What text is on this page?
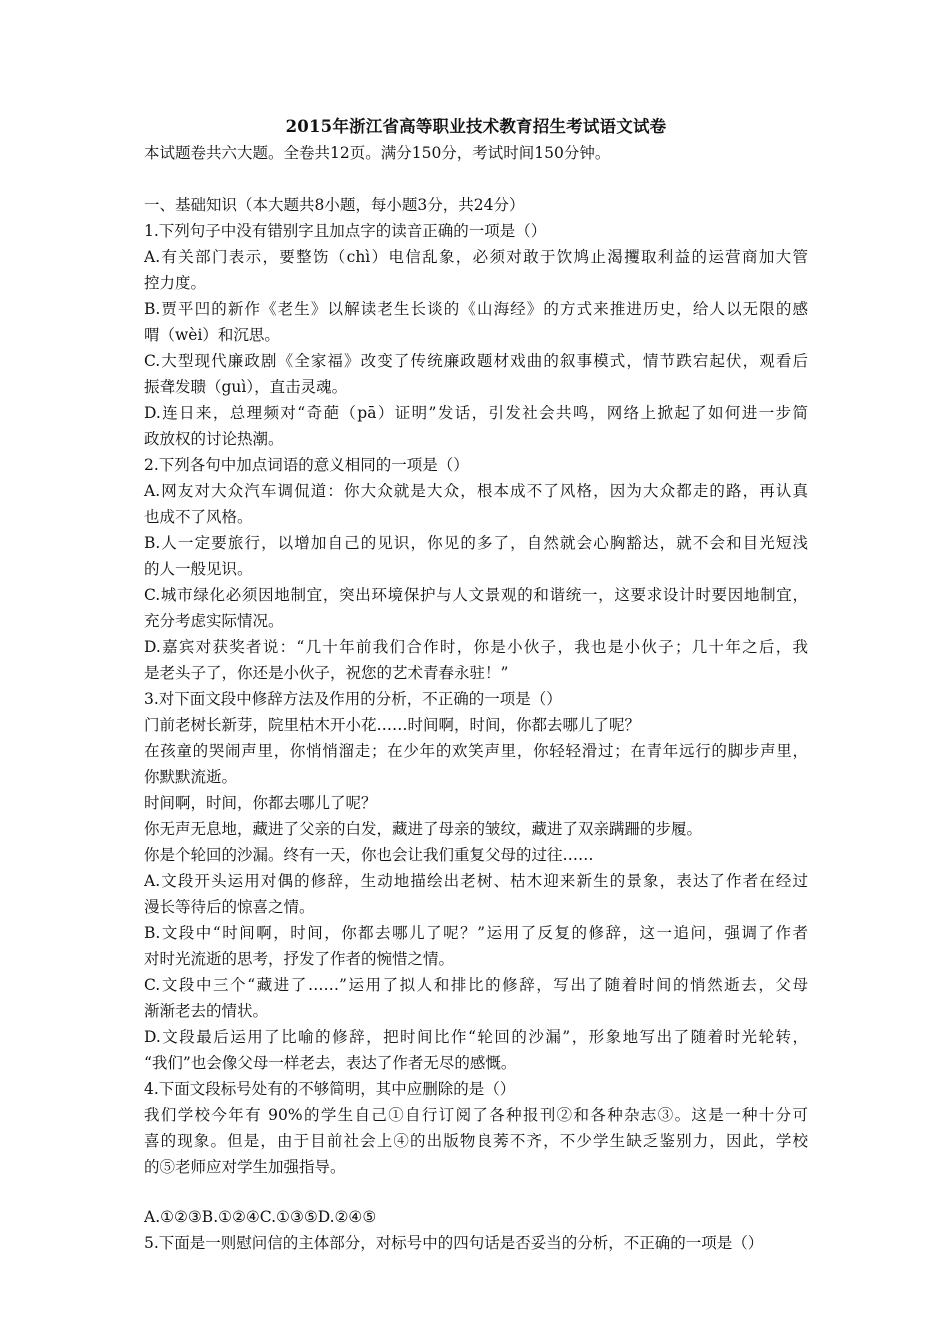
2015年浙江省高等职业技术教育招生考试语文试卷

本试题卷共六大题。全卷共12页。满分150分，考试时间150分钟。

一、基础知识（本大题共8小题，每小题3分，共24分）

1.下列句子中没有错别字且加点字的读音正确的一项是（）

A.有关部门表示，要整饬（chì）电信乱象，必须对敢于饮鸠止渴攫取利益的运营商加大管

控力度。

B.贾平凹的新作《老生》以解读老生长谈的《山海经》的方式来推进历史，给人以无限的感

喟（wèi）和沉思。

C.大型现代廉政剧《全家福》改变了传统廉政题材戏曲的叙事模式，情节跌宕起伏，观看后

振聋发聩（guì），直击灵魂。

D.连日来，总理频对“奇葩（pā）证明”发话，引发社会共鸣，网络上掀起了如何进一步简

政放权的讨论热潮。

2.下列各句中加点词语的意义相同的一项是（）

A.网友对大众汽车调侃道：你大众就是大众，根本成不了风格，因为大众都走的路，再认真

也成不了风格。

B.人一定要旅行，以增加自己的见识，你见的多了，自然就会心胸豁达，就不会和目光短浅

的人一般见识。

C.城市绿化必须因地制宜，突出环境保护与人文景观的和谐统一，这要求设计时要因地制宜，

充分考虑实际情况。

D.嘉宾对获奖者说：“几十年前我们合作时，你是小伙子，我也是小伙子；几十年之后，我

是老头子了，你还是小伙子，祝您的艺术青春永驻！”

3.对下面文段中修辞方法及作用的分析，不正确的一项是（）

门前老树长新芽，院里枯木开小花……时间啊，时间，你都去哪儿了呢？

在孩童的哭闹声里，你悄悄溜走；在少年的欢笑声里，你轻轻滑过；在青年远行的脚步声里，

你默默流逝。

时间啊，时间，你都去哪儿了呢？

你无声无息地，藏进了父亲的白发，藏进了母亲的皱纹，藏进了双亲蹒跚的步履。

你是个轮回的沙漏。终有一天，你也会让我们重复父母的过往……

A.文段开头运用对偶的修辞，生动地描绘出老树、枯木迎来新生的景象，表达了作者在经过

漫长等待后的惊喜之情。

B.文段中“时间啊，时间，你都去哪儿了呢？”运用了反复的修辞，这一追问，强调了作者

对时光流逝的思考，抒发了作者的惋惜之情。

C.文段中三个“藏进了……”运用了拟人和排比的修辞，写出了随着时间的悄然逝去，父母

渐渐老去的情状。

D.文段最后运用了比喻的修辞，把时间比作“轮回的沙漏”，形象地写出了随着时光轮转，

“我们”也会像父母一样老去，表达了作者无尽的感慨。

4.下面文段标号处有的不够简明，其中应删除的是（）

我们学校今年有 90%的学生自己①自行订阅了各种报刊②和各种杂志③。这是一种十分可

喜的现象。但是，由于目前社会上④的出版物良莠不齐，不少学生缺乏鉴别力，因此，学校

的⑤老师应对学生加强指导。

A.①②③B.①②④C.①③⑤D.②④⑤

5.下面是一则慰问信的主体部分，对标号中的四句话是否妥当的分析，不正确的一项是（）
